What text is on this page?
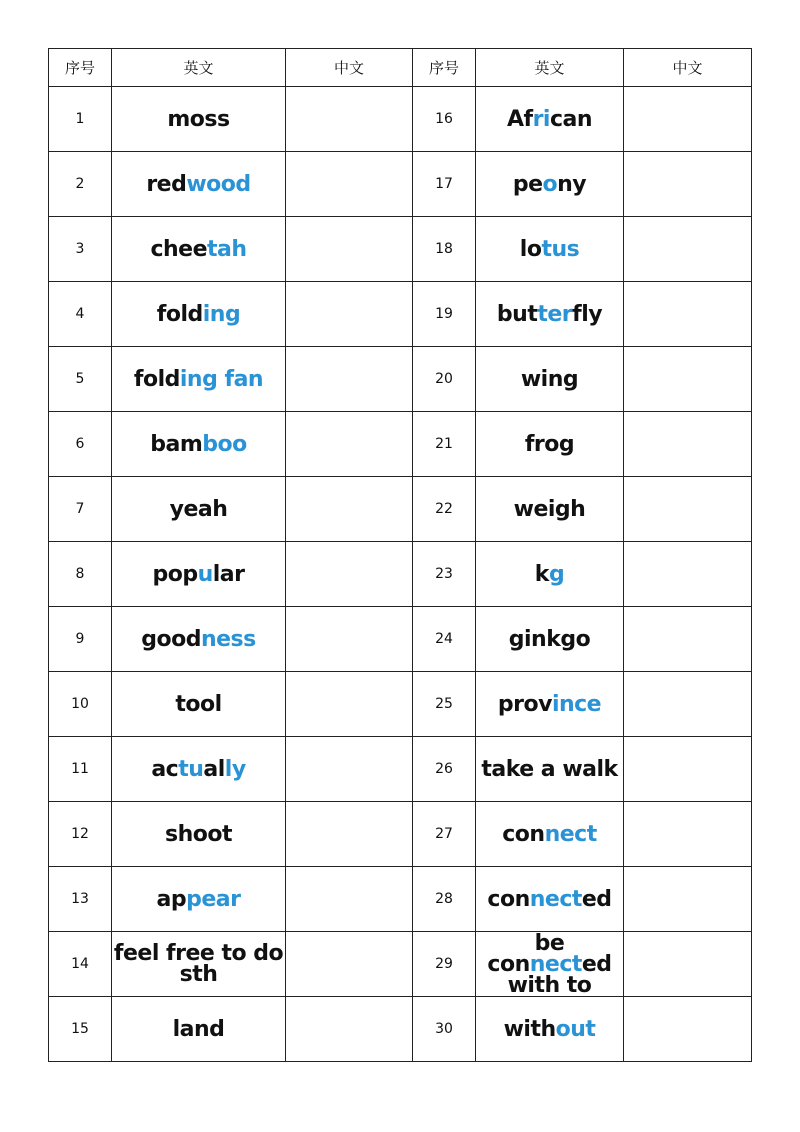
序号	英文	中文	序号	英文	中文
1	moss		16	African	
2	redwood		17	peony	
3	cheetah		18	lotus	
4	folding		19	butterfly	
5	folding fan		20	wing	
6	bamboo		21	frog	
7	yeah		22	weigh	
8	popular		23	kg	
9	goodness		24	ginkgo	
10	tool		25	province	
11	actually		26	take a walk	
12	shoot		27	connect	
13	appear		28	connected	
14	feel free to do sth		29	be connected with to	
15	land		30	without	
